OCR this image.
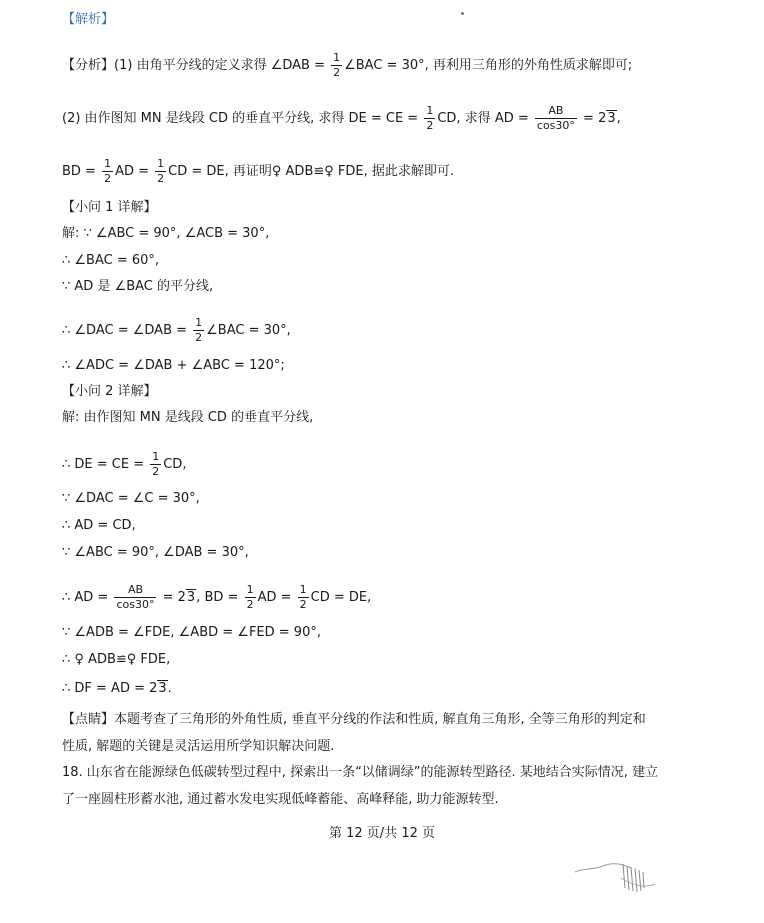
【解析】
【分析】(1) 由角平分线的定义求得 ∠DAB = $\frac{1}{2}$ ∠BAC = 30°, 再利用三角形的外角性质求解即可;
(2) 由作图知 MN 是线段 CD 的垂直平分线, 求得 DE = CE = $\frac{1}{2}$ CD, 求得 AD = $\frac{AB}{\cos 30^\circ} = 23$,
BD = $\frac{1}{2}$ AD = $\frac{1}{2}$ CD = DE, 再证明♀ ADB≌♀ FDE, 据此求解即可.
【小问 1 详解】
解: ∵ ∠ABC = 90°, ∠ACB = 30°,
∴ ∠BAC = 60°,
∵ AD 是 ∠BAC 的平分线,
∴ ∠DAC = ∠DAB = $\frac{1}{2}$ ∠BAC = 30°,
∴ ∠ADC = ∠DAB + ∠ABC = 120°;
【小问 2 详解】
解: 由作图知 MN 是线段 CD 的垂直平分线,
∴ DE = CE = $\frac{1}{2}$ CD,
∵ ∠DAC = ∠C = 30°,
∴ AD = CD,
∵ ∠ABC = 90°, ∠DAB = 30°,
∴ AD = $\frac{AB}{\cos 30^\circ} = 23$, BD = $\frac{1}{2}$ AD = $\frac{1}{2}$ CD = DE,
∵ ∠ADB = ∠FDE, ∠ABD = ∠FED = 90°,
∴ ♀ ADB≌♀ FDE,
∴ DF = AD = 23.
【点睛】本题考查了三角形的外角性质, 垂直平分线的作法和性质, 解直角三角形, 全等三角形的判定和
性质, 解题的关键是灵活运用所学知识解决问题.
18. 山东省在能源绿色低碳转型过程中, 探索出一条“以储调绿”的能源转型路径. 某地结合实际情况, 建立
了一座圆柱形蓄水池, 通过蓄水发电实现低峰蓄能、高峰释能, 助力能源转型.
第 12 页/共 12 页
